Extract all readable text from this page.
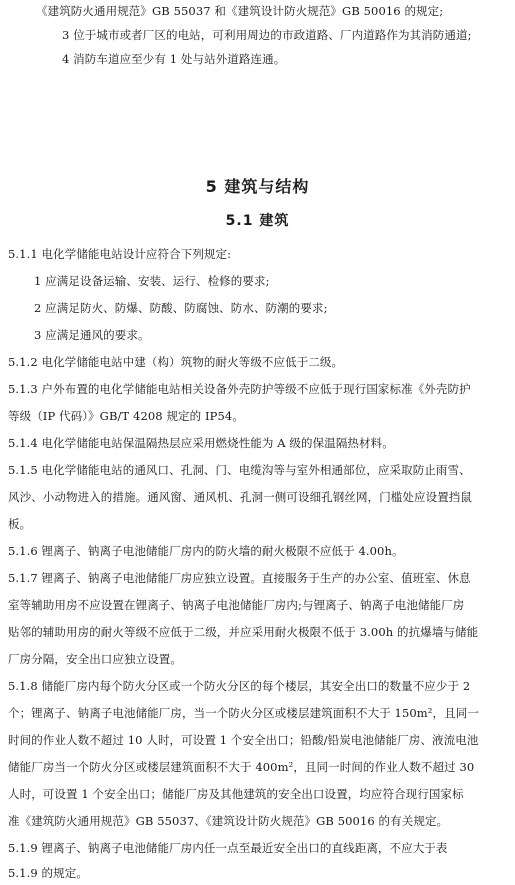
《建筑防火通用规范》GB 55037 和《建筑设计防火规范》GB 50016 的规定;
3 位于城市或者厂区的电站，可利用周边的市政道路、厂内道路作为其消防通道;
4 消防车道应至少有 1 处与站外道路连通。
5 建筑与结构
5.1 建筑
5.1.1 电化学储能电站设计应符合下列规定:
1 应满足设备运输、安装、运行、检修的要求;
2 应满足防火、防爆、防酸、防腐蚀、防水、防潮的要求;
3 应满足通风的要求。
5.1.2 电化学储能电站中建（构）筑物的耐火等级不应低于二级。
5.1.3 户外布置的电化学储能电站相关设备外壳防护等级不应低于现行国家标准《外壳防护
等级（IP 代码）》GB/T 4208 规定的 IP54。
5.1.4 电化学储能电站保温隔热层应采用燃烧性能为 A 级的保温隔热材料。
5.1.5 电化学储能电站的通风口、孔洞、门、电缆沟等与室外相通部位，应采取防止雨雪、
风沙、小动物进入的措施。通风窗、通风机、孔洞一侧可设细孔钢丝网，门槛处应设置挡鼠
板。
5.1.6 锂离子、钠离子电池储能厂房内的防火墙的耐火极限不应低于 4.00h。
5.1.7 锂离子、钠离子电池储能厂房应独立设置。直接服务于生产的办公室、值班室、休息
室等辅助用房不应设置在锂离子、钠离子电池储能厂房内;与锂离子、钠离子电池储能厂房
贴邻的辅助用房的耐火等级不应低于二级，并应采用耐火极限不低于 3.00h 的抗爆墙与储能
厂房分隔，安全出口应独立设置。
5.1.8 储能厂房内每个防火分区或一个防火分区的每个楼层，其安全出口的数量不应少于 2
个；锂离子、钠离子电池储能厂房，当一个防火分区或楼层建筑面积不大于 150m²，且同一
时间的作业人数不超过 10 人时，可设置 1 个安全出口；铅酸/铅炭电池储能厂房、液流电池
储能厂房当一个防火分区或楼层建筑面积不大于 400m²，且同一时间的作业人数不超过 30
人时，可设置 1 个安全出口；储能厂房及其他建筑的安全出口设置，均应符合现行国家标
准《建筑防火通用规范》GB 55037、《建筑设计防火规范》GB 50016 的有关规定。
5.1.9 锂离子、钠离子电池储能厂房内任一点至最近安全出口的直线距离，不应大于表
5.1.9 的规定。
